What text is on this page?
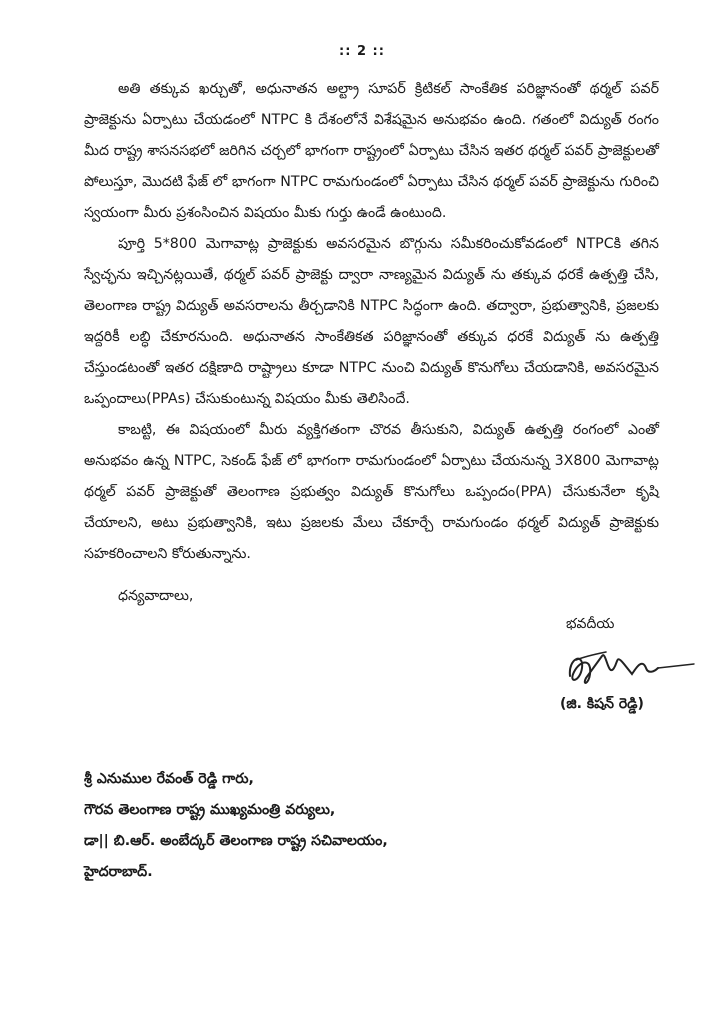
:: 2 ::

అతి తక్కువ ఖర్చుతో, అధునాతన అల్ట్రా సూపర్ క్రిటికల్ సాంకేతిక పరిజ్ఞానంతో థర్మల్ పవర్ ప్రాజెక్టును ఏర్పాటు చేయడంలో NTPC కి దేశంలోనే విశేషమైన అనుభవం ఉంది. గతంలో విద్యుత్ రంగం మీద రాష్ట్ర శాసనసభలో జరిగిన చర్చలో భాగంగా రాష్ట్రంలో ఏర్పాటు చేసిన ఇతర థర్మల్ పవర్ ప్రాజెక్టులతో పోలుస్తూ, మొదటి ఫేజ్ లో భాగంగా NTPC రామగుండంలో ఏర్పాటు చేసిన థర్మల్ పవర్ ప్రాజెక్టును గురించి స్వయంగా మీరు ప్రశంసించిన విషయం మీకు గుర్తు ఉండే ఉంటుంది.

పూర్తి 5*800 మెగావాట్ల ప్రాజెక్టుకు అవసరమైన బొగ్గును సమీకరించుకోవడంలో NTPCకి తగిన స్వేచ్ఛను ఇచ్చినట్లయితే, థర్మల్ పవర్ ప్రాజెక్టు ద్వారా నాణ్యమైన విద్యుత్ ను తక్కువ ధరకే ఉత్పత్తి చేసి, తెలంగాణ రాష్ట్ర విద్యుత్ అవసరాలను తీర్చడానికి NTPC సిద్ధంగా ఉంది. తద్వారా, ప్రభుత్వానికి, ప్రజలకు ఇద్దరికీ లబ్ధి చేకూరనుంది. అధునాతన సాంకేతికత పరిజ్ఞానంతో తక్కువ ధరకే విద్యుత్ ను ఉత్పత్తి చేస్తుండటంతో ఇతర దక్షిణాది రాష్ట్రాలు కూడా NTPC నుంచి విద్యుత్ కొనుగోలు చేయడానికి, అవసరమైన ఒప్పందాలు(PPAs) చేసుకుంటున్న విషయం మీకు తెలిసిందే.

కాబట్టి, ఈ విషయంలో మీరు వ్యక్తిగతంగా చొరవ తీసుకుని, విద్యుత్ ఉత్పత్తి రంగంలో ఎంతో అనుభవం ఉన్న NTPC, సెకండ్ ఫేజ్ లో భాగంగా రామగుండంలో ఏర్పాటు చేయనున్న 3X800 మెగావాట్ల థర్మల్ పవర్ ప్రాజెక్టుతో తెలంగాణ ప్రభుత్వం విద్యుత్ కొనుగోలు ఒప్పందం(PPA) చేసుకునేలా కృషి చేయాలని, అటు ప్రభుత్వానికి, ఇటు ప్రజలకు మేలు చేకూర్చే రామగుండం థర్మల్ విద్యుత్ ప్రాజెక్టుకు సహకరించాలని కోరుతున్నాను.

ధన్యవాదాలు,
భవదీయ
(జి. కిషన్ రెడ్డి)
శ్రీ ఎనుముల రేవంత్ రెడ్డి గారు,
గౌరవ తెలంగాణ రాష్ట్ర ముఖ్యమంత్రి వర్యులు,
డా|| బి.ఆర్. అంబేద్కర్ తెలంగాణ రాష్ట్ర సచివాలయం,
హైదరాబాద్.
